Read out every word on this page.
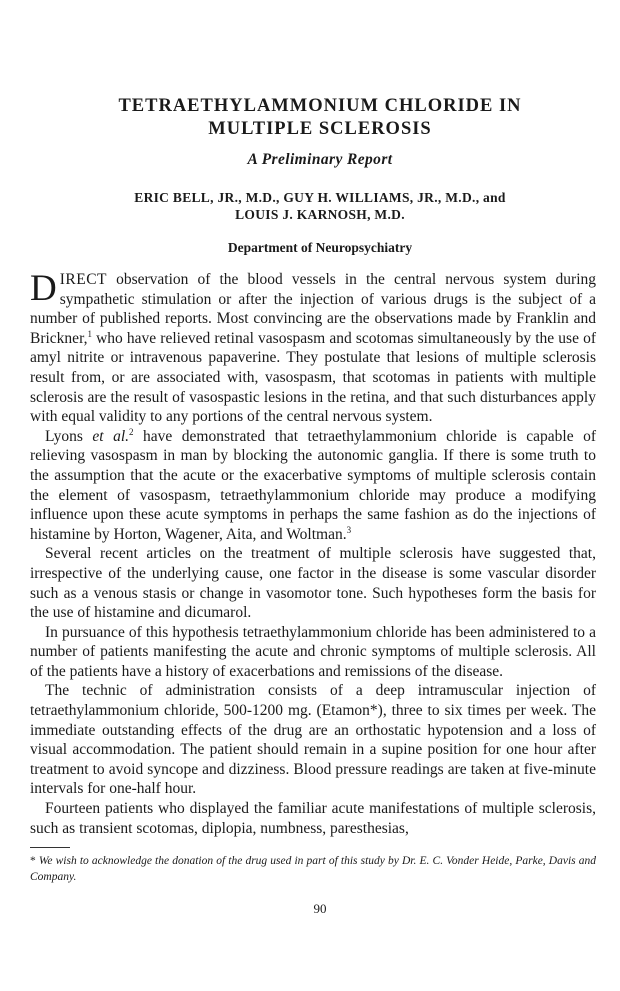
TETRAETHYLAMMONIUM CHLORIDE IN
MULTIPLE SCLEROSIS
A Preliminary Report
ERIC BELL, JR., M.D., GUY H. WILLIAMS, JR., M.D., and
LOUIS J. KARNOSH, M.D.
Department of Neuropsychiatry

DIRECT observation of the blood vessels in the central nervous system during sympathetic stimulation or after the injection of various drugs is the subject of a number of published reports. Most convincing are the observations made by Franklin and Brickner,$^1$ who have relieved retinal vasospasm and scotomas simultaneously by the use of amyl nitrite or intravenous papaverine. They postulate that lesions of multiple sclerosis result from, or are associated with, vasospasm, that scotomas in patients with multiple sclerosis are the result of vasospastic lesions in the retina, and that such disturbances apply with equal validity to any portions of the central nervous system.

Lyons et al.$^2$ have demonstrated that tetraethylammonium chloride is capable of relieving vasospasm in man by blocking the autonomic ganglia. If there is some truth to the assumption that the acute or the exacerbative symptoms of multiple sclerosis contain the element of vasospasm, tetraethylammonium chloride may produce a modifying influence upon these acute symptoms in perhaps the same fashion as do the injections of histamine by Horton, Wagener, Aita, and Woltman.$^3$

Several recent articles on the treatment of multiple sclerosis have suggested that, irrespective of the underlying cause, one factor in the disease is some vascular disorder such as a venous stasis or change in vasomotor tone. Such hypotheses form the basis for the use of histamine and dicumarol.

In pursuance of this hypothesis tetraethylammonium chloride has been administered to a number of patients manifesting the acute and chronic symptoms of multiple sclerosis. All of the patients have a history of exacerbations and remissions of the disease.

The technic of administration consists of a deep intramuscular injection of tetraethylammonium chloride, 500-1200 mg. (Etamon*), three to six times per week. The immediate outstanding effects of the drug are an orthostatic hypotension and a loss of visual accommodation. The patient should remain in a supine position for one hour after treatment to avoid syncope and dizziness. Blood pressure readings are taken at five-minute intervals for one-half hour.

Fourteen patients who displayed the familiar acute manifestations of multiple sclerosis, such as transient scotomas, diplopia, numbness, paresthesias,

* We wish to acknowledge the donation of the drug used in part of this study by Dr. E. C. Vonder Heide, Parke, Davis and Company.
90
